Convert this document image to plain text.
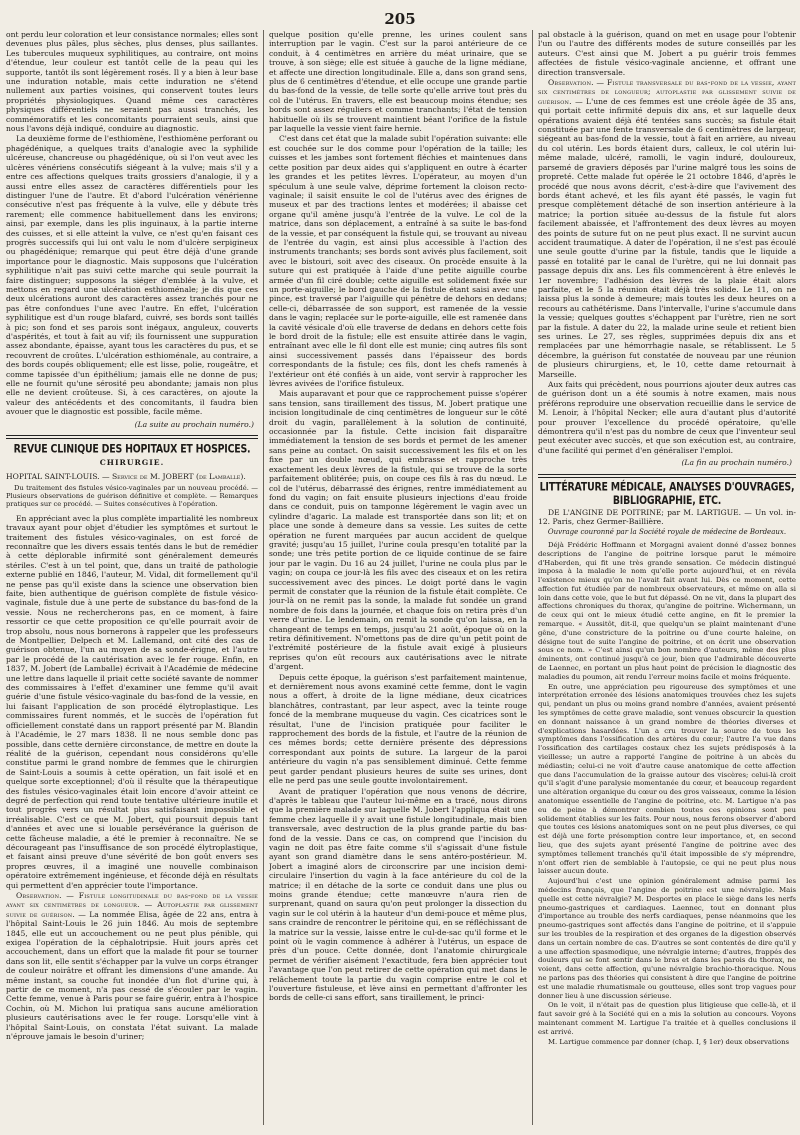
205

ont perdu leur coloration et leur consistance normales; elles sont devenues plus pâles, plus sèches, plus denses, plus saillantes. Les tubercules muqueux syphilitiques, au contraire, ont moins d'étendue, leur couleur est tantôt celle de la peau qui les supporte, tantôt ils sont légèrement rosés. Il y a bien à leur base une induration notable, mais cette induration ne s'étend nullement aux parties voisines, qui conservent toutes leurs propriétés physiologiques. Quand même ces caractères physiques différentiels ne seraient pas aussi tranchés, les commémoratifs et les concomitants pourraient seuls, ainsi que nous l'avons déjà indiqué, conduire au diagnostic.

La deuxième forme de l'esthiomène, l'esthiomène perforant ou phagédénique, a quelques traits d'analogie avec la syphilide ulcéreuse, chancreuse ou phagédénique, où si l'on veut avec les ulcères vénériens consécutifs siégeant à la vulve; mais s'il y a entre ces affections quelques traits grossiers d'analogie, il y a aussi entre elles assez de caractères différentiels pour les distinguer l'une de l'autre. Et d'abord l'ulcération vénérienne consécutive n'est pas fréquente à la vulve, elle y débute très rarement; elle commence habituellement dans les environs; ainsi, par exemple, dans les plis inguinaux, à la partie interne des cuisses, et si elle atteint la vulve, ce n'est qu'en faisant ces progrès successifs qui lui ont valu le nom d'ulcère serpigineux ou phagédénique; remarque qui peut être déjà d'une grande importance pour le diagnostic. Mais supposons que l'ulcération syphilitique n'ait pas suivi cette marche qui seule pourrait la faire distinguer; supposons la siéger d'emblée à la vulve, et mettons en regard une ulcération esthioménale; je dis que ces deux ulcérations auront des caractères assez tranchés pour ne pas être confondues l'une avec l'autre. En effet, l'ulcération syphilitique est d'un rouge blafard, cuivré, ses bords sont taillés à pic; son fond et ses parois sont inégaux, anguleux, couverts d'aspérités, et tout à fait au vif; ils fournissent une suppuration assez abondante, épaisse, ayant tous les caractères du pus, et se recouvrent de croûtes. L'ulcération esthioménale, au contraire, a des bords coupés obliquement; elle est lisse, polie, rougeâtre, et comme tapissée d'un épithélium; jamais elle ne donne de pus; elle ne fournit qu'une sérosité peu abondante; jamais non plus elle ne devient croûteuse. Si, à ces caractères, on ajoute la valeur des antécédents et des concomitants, il faudra bien avouer que le diagnostic est possible, facile même.

(La suite au prochain numéro.)
REVUE CLINIQUE DES HOPITAUX ET HOSPICES.
CHIRURGIE.

HOPITAL SAINT-LOUIS. — Service de M. JOBERT (de Lamballe).

Du traitement des fistules vésico-vaginales par un nouveau procédé. — Plusieurs observations de guérison définitive et complète. — Remarques pratiques sur ce procédé. — Suites consécutives à l'opération.

En appréciant avec la plus complète impartialité les nombreux travaux ayant pour objet d'étudier les symptômes et surtout le traitement des fistules vésico-vaginales, on est forcé de reconnaître que les divers essais tentés dans le but de remédier à cette déplorable infirmité sont généralement demeurés stériles. C'est à un tel point, que, dans un traité de pathologie externe publié en 1846, l'auteur, M. Vidal, dit formellement qu'il ne pense pas qu'il existe dans la science une observation bien faite, bien authentique de guérison complète de fistule vésico-vaginale, fistule due à une perte de substance du bas-fond de la vessie. Nous ne rechercherons pas, en ce moment, à faire ressortir ce que cette proposition ce qu'elle pourrait avoir de trop absolu, nous nous bornerons à rappeler que les professeurs de Montpellier, Delpech et M. Lallemand, ont cité des cas de guérison obtenue, l'un au moyen de sa sonde-érigne, et l'autre par le procédé de la cautérisation avec le fer rouge. Enfin, en 1837, M. Jobert (de Lamballe) écrivait à l'Académie de médecine une lettre dans laquelle il priait cette société savante de nommer des commissaires à l'effet d'examiner une femme qu'il avait guérie d'une fistule vésico-vaginale du bas-fond de la vessie, en lui faisant l'application de son procédé élytroplastique. Les commissaires furent nommés, et le succès de l'opération fut officiellement constaté dans un rapport présenté par M. Blandin à l'Académie, le 27 mars 1838. Il ne nous semble donc pas possible, dans cette dernière circonstance, de mettre en doute la réalité de la guérison, cependant nous considérons qu'elle constitue parmi le grand nombre de femmes que le chirurgien de Saint-Louis a soumis à cette opération, un fait isolé et en quelque sorte exceptionnel; d'où il résulte que la thérapeutique des fistules vésico-vaginales était loin encore d'avoir atteint ce degré de perfection qui rend toute tentative ultérieure inutile et tout progrès vers un résultat plus satisfaisant impossible et irréalisable. C'est ce que M. Jobert, qui poursuit depuis tant d'années et avec une si louable persévérance la guérison de cette fâcheuse maladie, a été le premier à reconnaître. Ne se décourageant pas l'insuffisance de son procédé élytroplastique, et faisant ainsi preuve d'une sévérité de bon goût envers ses propres œuvres, il a imaginé une nouvelle combinaison opératoire extrêmement ingénieuse, et féconde déjà en résultats qui permettent d'en apprécier toute l'importance.

Observation. — Fistule longitudinale du bas-fond de la vessie ayant six centimètres de longueur. — Autoplastie par glissement suivie de guérison. — La nommée Elisa, âgée de 22 ans, entra à l'hôpital Saint-Louis le 26 juin 1846. Au mois de septembre 1845, elle eut un accouchement ou ne peut plus pénible, qui exigea l'opération de la céphalotripsie. Huit jours après cet accouchement, dans un effort que la malade fit pour se tourner dans son lit, elle sentit s'échapper par la vulve un corps étranger de couleur noirâtre et offrant les dimensions d'une amande. Au même instant, sa couche fut inondée d'un flot d'urine qui, à partir de ce moment, n'a pas cessé de s'écouler par le vagin. Cette femme, venue à Paris pour se faire guérir, entra à l'hospice Cochin, où M. Michon lui pratiqua sans aucune amélioration plusieurs cautérisations avec le fer rouge. Lorsqu'elle vint à l'hôpital Saint-Louis, on constata l'état suivant. La malade n'éprouve jamais le besoin d'uriner;

quelque position qu'elle prenne, les urines coulent sans interruption par le vagin. C'est sur la paroi antérieure de ce conduit, à 4 centimètres en arrière du méat urinaire, que se trouve, à son siège; elle est située à gauche de la ligne médiane, et affecte une direction longitudinale. Elle a, dans son grand sens, plus de 6 centimètres d'étendue, et elle occupe une grande partie du bas-fond de la vessie, de telle sorte qu'elle arrive tout près du col de l'utérus. En travers, elle est beaucoup moins étendue; ses bords sont assez réguliers et comme tranchants; l'état de tension habituelle où ils se trouvent maintient béant l'orifice de la fistule par laquelle la vessie vient faire hernie.

C'est dans cet état que la malade subit l'opération suivante: elle est couchée sur le dos comme pour l'opération de la taille; les cuisses et les jambes sont fortement fléchies et maintenues dans cette position par deux aides qui s'appliquent en outre à écarter les grandes et les petites lèvres. L'opérateur, au moyen d'un spéculum à une seule valve, déprime fortement la cloison recto-vaginale; il saisit ensuite le col de l'utérus avec des érignes de museux et par des tractions lentes et modérées; il abaisse cet organe qu'il amène jusqu'à l'entrée de la vulve. Le col de la matrice, dans son déplacement, a entraîné à sa suite le bas-fond de la vessie, et par conséquent la fistule qui, se trouvant au niveau de l'entrée du vagin, est ainsi plus accessible à l'action des instruments tranchants; ses bords sont avivés plus facilement, soit avec le bistouri, soit avec des ciseaux. On procède ensuite à la suture qui est pratiquée à l'aide d'une petite aiguille courbe armée d'un fil ciré double; cette aiguille est solidement fixée sur un porte-aiguille; le bord gauche de la fistule étant saisi avec une pince, est traversé par l'aiguille qui pénètre de dehors en dedans; celle-ci, débarrassée de son support, est ramenée de la vessie dans le vagin; replacée sur le porte-aiguille, elle est ramenée dans la cavité vésicale d'où elle traverse de dedans en dehors cette fois le bord droit de la fistule; elle est ensuite attirée dans le vagin, entraînant avec elle le fil dont elle est munie; cinq autres fils sont ainsi successivement passés dans l'épaisseur des bords correspondants de la fistule; ces fils, dont les chefs ramenés à l'extérieur ont été confiés à un aide, vont servir à rapprocher les lèvres avivées de l'orifice fistuleux.

Mais auparavant et pour que ce rapprochement puisse s'opérer sans tension, sans tiraillement des tissus, M. Jobert pratique une incision longitudinale de cinq centimètres de longueur sur le côté droit du vagin, parallèlement à la solution de continuité, occasionnée par la fistule. Cette incision fait disparaître immédiatement la tension de ses bords et permet de les amener sans peine au contact. On saisit successivement les fils et on les fixe par un double nœud, qui embrasse et rapproche très exactement les deux lèvres de la fistule, qui se trouve de la sorte parfaitement oblitérée; puis, on coupe ces fils à ras du nœud. Le col de l'utérus, débarrassé des érignes, rentre immédiatement au fond du vagin; on fait ensuite plusieurs injections d'eau froide dans ce conduit, puis on tamponne légèrement le vagin avec un cylindre d'agaric. La malade est transportée dans son lit; et on place une sonde à demeure dans sa vessie. Les suites de cette opération ne furent marquées par aucun accident de quelque gravité; jusqu'au 15 juillet, l'urine coula presqu'en totalité par la sonde; une très petite portion de ce liquide continue de se faire jour par le vagin. Du 16 au 24 juillet, l'urine ne coula plus par le vagin; on coupa ce jour-là les fils avec des ciseaux et on les retira successivement avec des pinces. Le doigt porté dans le vagin permit de constater que la réunion de la fistule était complète. Ce jour-là on ne remit pas la sonde, la malade fut sondée un grand nombre de fois dans la journée, et chaque fois on retira près d'un verre d'urine. Le lendemain, on remit la sonde qu'on laissa, en la changeant de temps en temps, jusqu'au 21 août, époque où on la retira définitivement. N'omettons pas de dire qu'un petit point de l'extrémité postérieure de la fistule avait exigé à plusieurs reprises qu'on eût recours aux cautérisations avec le nitrate d'argent.

Depuis cette époque, la guérison s'est parfaitement maintenue, et dernièrement nous avons examiné cette femme, dont le vagin nous a offert, à droite de la ligne médiane, deux cicatrices blanchâtres, contrastant, par leur aspect, avec la teinte rouge foncé de la membrane muqueuse du vagin. Ces cicatrices sont le résultat, l'une de l'incision pratiquée pour faciliter le rapprochement des bords de la fistule, et l'autre de la réunion de ces mêmes bords; cette dernière présente des dépressions correspondant aux points de suture. La largeur de la paroi antérieure du vagin n'a pas sensiblement diminué. Cette femme peut garder pendant plusieurs heures de suite ses urines, dont elle ne perd pas une seule goutte involontairement.

Avant de pratiquer l'opération que nous venons de décrire, d'après le tableau que l'auteur lui-même en a tracé, nous dirons que la première malade sur laquelle M. Jobert l'appliqua était une femme chez laquelle il y avait une fistule longitudinale, mais bien transversale, avec destruction de la plus grande partie du bas-fond de la vessie. Dans ce cas, on comprend que l'incision du vagin ne doit pas être faite comme s'il s'agissait d'une fistule ayant son grand diamètre dans le sens antéro-postérieur. M. Jobert a imaginé alors de circonscrire par une incision demi-circulaire l'insertion du vagin à la face antérieure du col de la matrice; il en détache de la sorte ce conduit dans une plus ou moins grande étendue; cette manœuvre n'aura rien de surprenant, quand on saura qu'on peut prolonger la dissection du vagin sur le col utérin à la hauteur d'un demi-pouce et même plus, sans craindre de rencontrer le péritoine qui, en se réfléchissant de la matrice sur la vessie, laisse entre le cul-de-sac qu'il forme et le point où le vagin commence à adhérer à l'utérus, un espace de près d'un pouce. Cette donnée, dont l'anatomie chirurgicale permet de vérifier aisément l'exactitude, fera bien apprécier tout l'avantage que l'on peut retirer de cette opération qui met dans le relâchement toute la partie du vagin comprise entre le col et l'ouverture fistuleuse, et lève ainsi en permettant d'affronter les bords de celle-ci sans effort, sans tiraillement, le princi-

pal obstacle à la guérison, quand on met en usage pour l'obtenir l'un ou l'autre des différents modes de suture conseillés par les auteurs. C'est ainsi que M. Jobert a pu guérir trois femmes affectées de fistule vésico-vaginale ancienne, et offrant une direction transversale.

Observation. — Fistule transversale du bas-fond de la vessie, ayant six centimètres de longueur; autoplastie par glissement suivie de guérison. — L'une de ces femmes est une créole âgée de 35 ans, qui portait cette infirmité depuis dix ans, et sur laquelle deux opérations avaient déjà été tentées sans succès; sa fistule était constituée par une fente transversale de 6 centimètres de largeur, siégeant au bas-fond de la vessie, tout à fait en arrière, au niveau du col utérin. Les bords étaient durs, calleux, le col utérin lui-même malade, ulcéré, ramolli, le vagin induré, douloureux, parsemé de graviers déposés par l'urine malgré tous les soins de propreté. Cette malade fut opérée le 21 octobre 1846, d'après le procédé que nous avons décrit, c'est-à-dire que l'avivement des bords étant achevé, et les fils ayant été passés, le vagin fut presque complètement détaché de son insertion antérieure à la matrice; la portion située au-dessus de la fistule fut alors facilement abaissée, et l'affrontement des deux lèvres au moyen des points de suture fut on ne peut plus exact. Il ne survint aucun accident traumatique. A dater de l'opération, il ne s'est pas écoulé une seule goutte d'urine par la fistule, tandis que le liquide a passé en totalité par le canal de l'urètre, qui ne lui donnait pas passage depuis dix ans. Les fils commencèrent à être enlevés le 1er novembre; l'adhésion des lèvres de la plaie était alors parfaite, et le 5 la réunion était déjà très solide. Le 11, on ne laissa plus la sonde à demeure; mais toutes les deux heures on a recours au cathétérisme. Dans l'intervalle, l'urine s'accumule dans la vessie; quelques gouttes s'échappent par l'urètre, rien ne sort par la fistule. A dater du 22, la malade urine seule et retient bien ses urines. Le 27, ses règles, supprimées depuis dix ans et remplacées par une hémorrhagie nasale, se rétablissent. Le 5 décembre, la guérison fut constatée de nouveau par une réunion de plusieurs chirurgiens, et, le 10, cette dame retournait à Marseille.

Aux faits qui précèdent, nous pourrions ajouter deux autres cas de guérison dont un a été soumis à notre examen, mais nous préférons reproduire une observation recueillie dans le service de M. Lenoir, à l'hôpital Necker; elle aura d'autant plus d'autorité pour prouver l'excellence du procédé opératoire, qu'elle démontrera qu'il n'est pas du nombre de ceux que l'inventeur seul peut exécuter avec succès, et que son exécution est, au contraire, d'une facilité qui permet d'en généraliser l'emploi.

(La fin au prochain numéro.)
LITTÉRATURE MÉDICALE, ANALYSES D'OUVRAGES, BIBLIOGRAPHIE, ETC.

DE L'ANGINE DE POITRINE; par M. LARTIGUE. — Un vol. in-12. Paris, chez Germer-Baillière.

Ouvrage couronné par la Société royale de médecine de Bordeaux.

Déjà Frédéric Hoffmann et Morgagni avaient donné d'assez bonnes descriptions de l'angine de poitrine lorsque parut le mémoire d'Haberden, qui fit une très grande sensation. Ce médecin distingué imposa à la maladie le nom qu'elle porte aujourd'hui, et en révéla l'existence mieux qu'on ne l'avait fait avant lui. Dès ce moment, cette affection fut étudiée par de nombreux observateurs, et même on alla si loin dans cette voie, que le but fut dépassé. On ne vit, dans la plupart des affections chroniques du thorax, qu'angine de poitrine. Wichermann, un de ceux qui ont le mieux étudié cette angine, en fit le premier la remarque. « Aussitôt, dit-il, que quelqu'un se plaint maintenant d'une gêne, d'une constricture de la poitrine ou d'une courte haleine, on désigne tout de suite l'angine de poitrine, et on écrit une observation sous ce nom. » C'est ainsi qu'un bon nombre d'auteurs, même des plus éminents, ont continué jusqu'à ce jour, bien que l'admirable découverte de Laennec, en portant un plus haut point de précision le diagnostic des maladies du poumon, ait rendu l'erreur moins facile et moins fréquente.

En outre, une appréciation peu rigoureuse des symptômes et une interprétation erronée des lésions anatomiques trouvées chez les sujets qui, pendant un plus ou moins grand nombre d'années, avaient présenté les symptômes de cette grave maladie, sont venues obscurcir la question en donnant naissance à un grand nombre de théories diverses et d'explications hasardées. L'un a cru trouver la source de tous les symptômes dans l'ossification des artères du cœur; l'autre l'a vue dans l'ossification des cartilages costaux chez les sujets prédisposés à la vieillesse; un autre a rapporté l'angine de poitrine à un abcès du médiastin; celui-ci ne voit d'autre cause anatomique de cette affection que dans l'accumulation de la graisse autour des viscères; celui-là croit qu'il s'agit d'une paralysie momentanée du cœur, et beaucoup regardent une altération organique du cœur ou des gros vaisseaux, comme la lésion anatomique essentielle de l'angine de poitrine, etc. M. Lartigue n'a pas eu de peine à démontrer combien toutes ces opinions sont peu solidement établies sur les faits. Pour nous, nous ferons observer d'abord que toutes ces lésions anatomiques sont on ne peut plus diverses, ce qui est déjà une forte présomption contre leur importance, et, en second lieu, que des sujets ayant présenté l'angine de poitrine avec des symptômes tellement tranchés qu'il était impossible de s'y méprendre, n'ont offert rien de semblable à l'autopsie, ce qui ne peut plus nous laisser aucun doute.

Aujourd'hui c'est une opinion généralement admise parmi les médecins français, que l'angine de poitrine est une névralgie. Mais quelle est cette névralgie? M. Desportes en place le siège dans les nerfs pneumo-gastriques et cardiaques. Laennec, tout en donnant plus d'importance au trouble des nerfs cardiaques, pense néanmoins que les pneumo-gastriques sont affectés dans l'angine de poitrine, et il s'appuie sur les troubles de la respiration et des organes de la digestion observés dans un certain nombre de cas. D'autres se sont contentés de dire qu'il y a une affection spasmodique, une névralgie interne; d'autres, frappés des douleurs qui se font sentir dans le bras et dans les parois du thorax, ne voient, dans cette affection, qu'une névralgie brachio-thoracique. Nous ne parlons pas des théories qui consistent à dire que l'angine de poitrine est une maladie rhumatismale ou goutteuse, elles sont trop vagues pour donner lieu à une discussion sérieuse.

On le voit, il n'était pas de question plus litigieuse que celle-là, et il faut savoir gré à la Société qui en a mis la solution au concours. Voyons maintenant comment M. Lartigue l'a traitée et à quelles conclusions il est arrivé.

M. Lartigue commence par donner (chap. I, § 1er) deux observations
